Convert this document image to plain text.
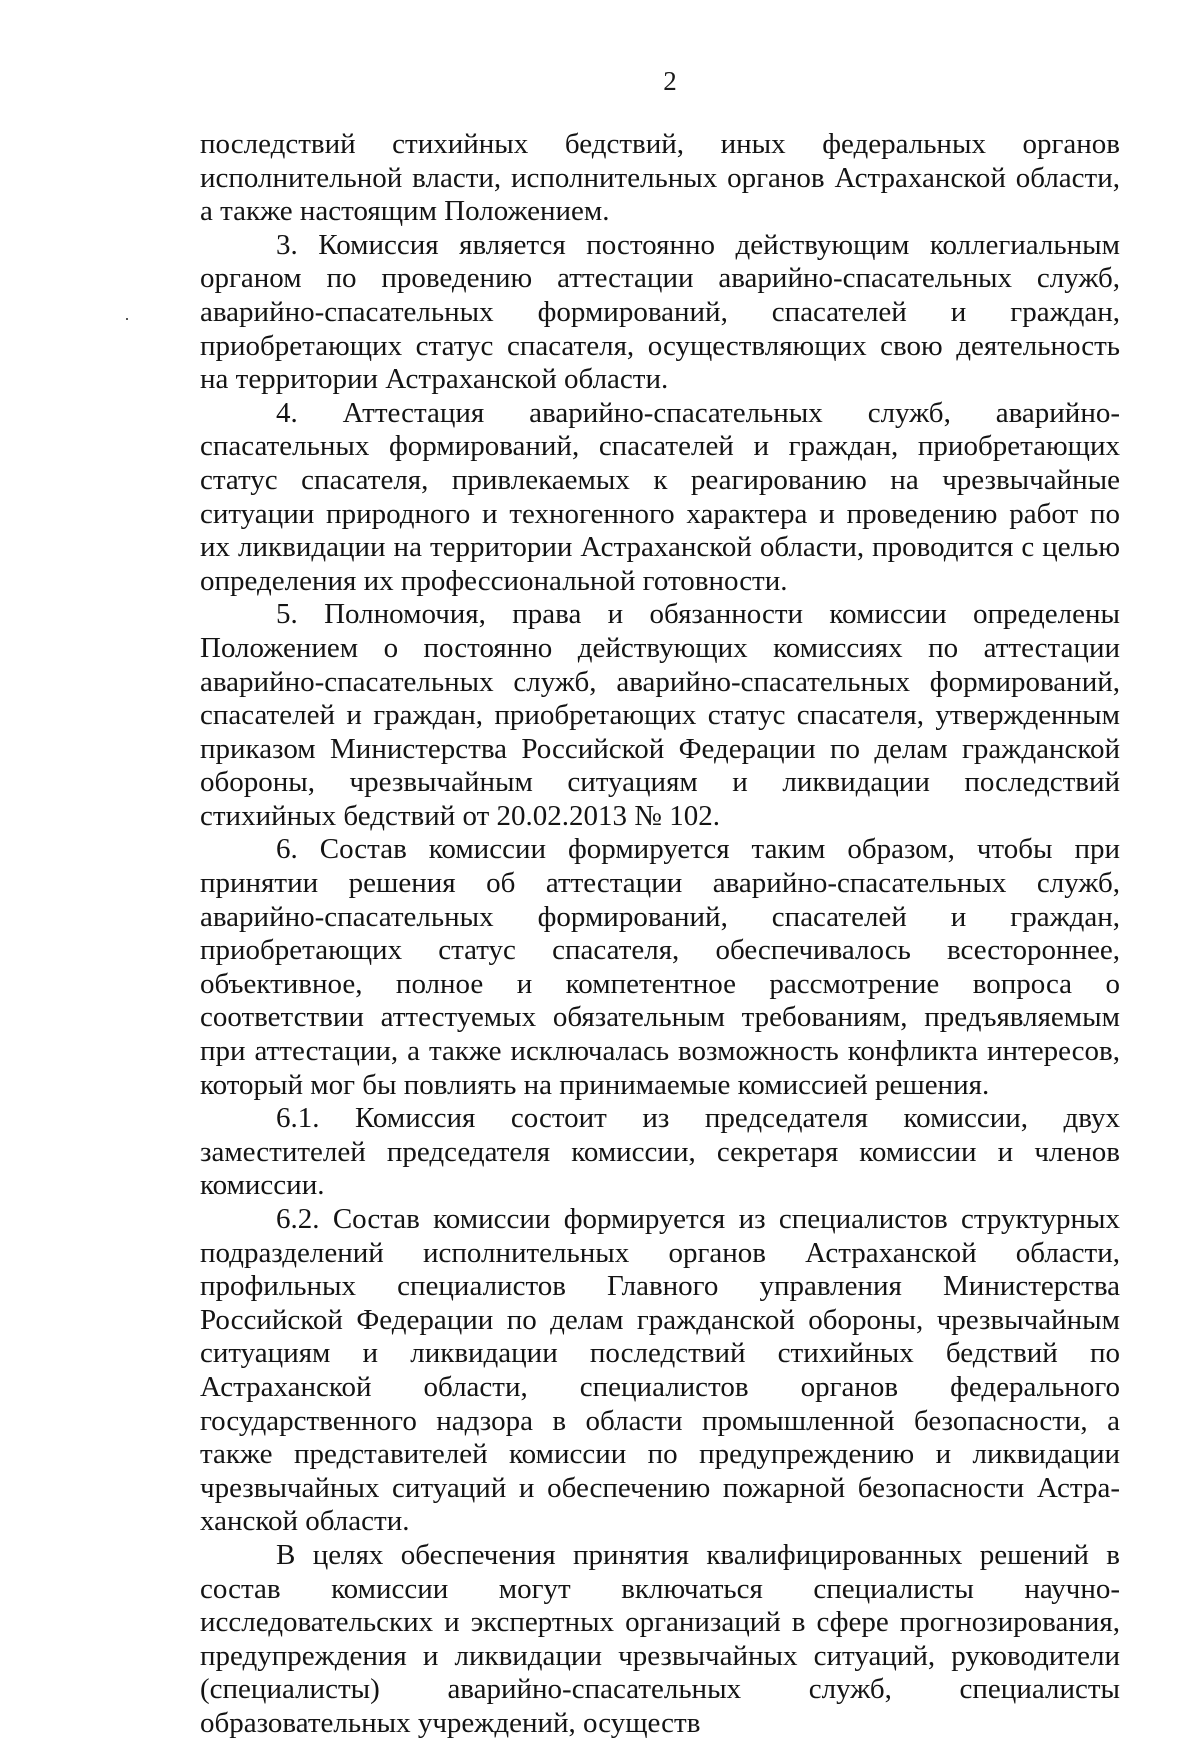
2

последствий стихийных бедствий, иных федеральных органов исполнительной власти, исполнительных органов Астраханской области, а также настоящим Положением.

3. Комиссия является постоянно действующим коллегиальным органом по проведению аттестации аварийно-спасательных служб, аварийно-спасательных формирований, спасателей и граждан, приобретающих статус спасателя, осуществляющих свою деятельность на территории Астраханской области.

4. Аттестация аварийно-спасательных служб, аварийно-спасательных формирований, спасателей и граждан, приобретающих статус спасателя, привлекаемых к реагированию на чрезвычайные ситуации природного и техногенного характера и проведению работ по их ликвидации на территории Астраханской области, проводится с целью определения их профессиональной готовности.

5. Полномочия, права и обязанности комиссии определены Положением о постоянно действующих комиссиях по аттестации аварийно-спасательных служб, аварийно-спасательных формирований, спасателей и граждан, приобретающих статус спасателя, утвержденным приказом Министерства Российской Федерации по делам гражданской обороны, чрезвычайным ситуациям и ликвидации последствий стихийных бедствий от 20.02.2013 № 102.

6. Состав комиссии формируется таким образом, чтобы при принятии решения об аттестации аварийно-спасательных служб, аварийно-спасательных формирований, спасателей и граждан, приобретающих статус спасателя, обеспечивалось всестороннее, объективное, полное и компетентное рассмотрение вопроса о соответствии аттестуемых обязательным требованиям, предъявляемым при аттестации, а также исключалась возможность конфликта интересов, который мог бы повлиять на принимаемые комиссией решения.

6.1. Комиссия состоит из председателя комиссии, двух заместителей председателя комиссии, секретаря комиссии и членов комиссии.

6.2. Состав комиссии формируется из специалистов структурных подразделений исполнительных органов Астраханской области, профильных специалистов Главного управления Министерства Российской Федерации по делам гражданской обороны, чрезвычайным ситуациям и ликвидации последствий стихийных бедствий по Астраханской области, специалистов органов федерального государственного надзора в области промышленной безопасности, а также представителей комиссии по предупреждению и ликвидации чрезвычайных ситуаций и обеспечению пожарной безопасности Астраханской области.

В целях обеспечения принятия квалифицированных решений в состав комиссии могут включаться специалисты научно-исследовательских и экспертных организаций в сфере прогнозирования, предупреждения и ликвидации чрезвычайных ситуаций, руководители (специалисты) аварийно-спасательных служб, специалисты образовательных учреждений, осуществ
